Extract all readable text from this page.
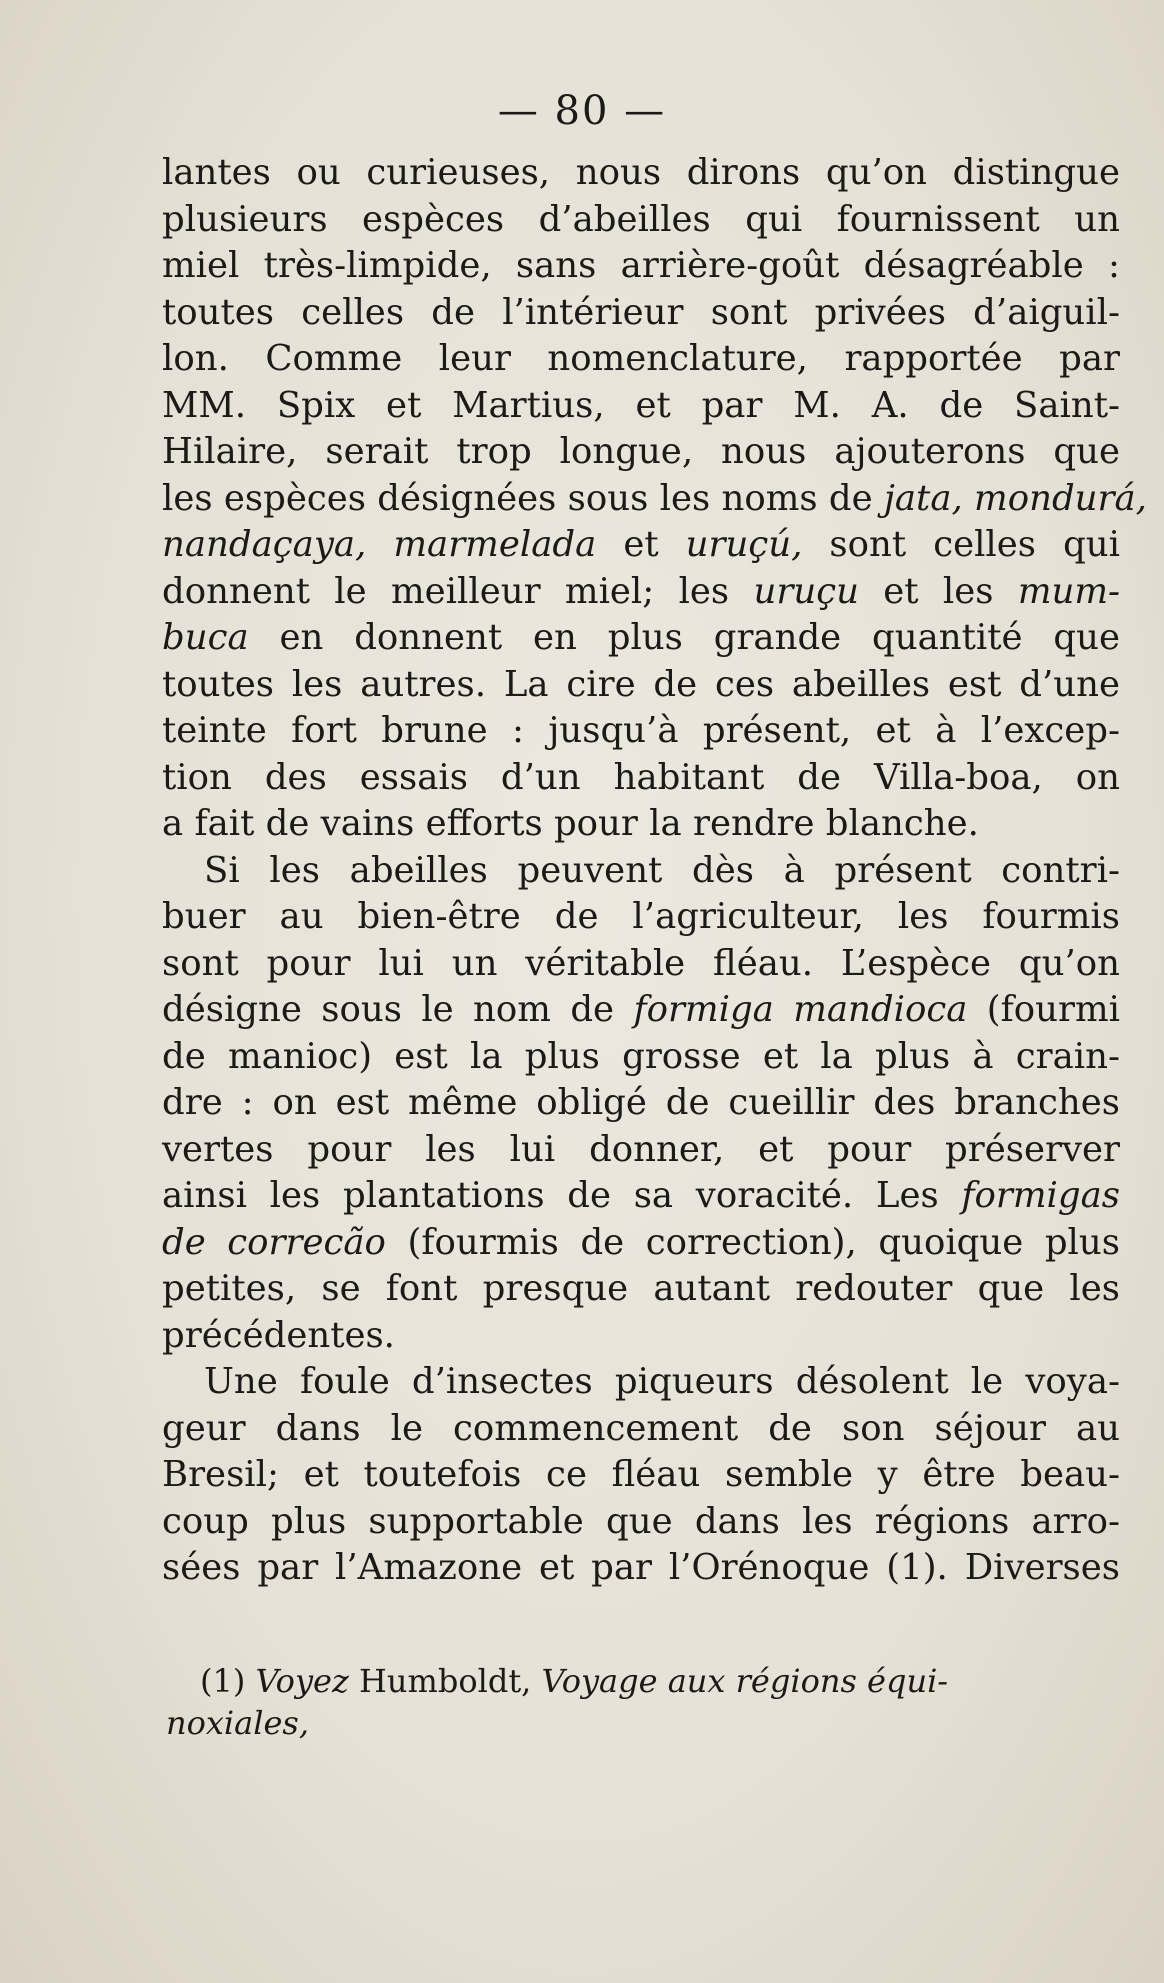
— 80 —
lantes ou curieuses, nous dirons qu’on distingue
plusieurs espèces d’abeilles qui fournissent un
miel très-limpide, sans arrière-goût désagréable :
toutes celles de l’intérieur sont privées d’aiguil-
lon. Comme leur nomenclature, rapportée par
MM. Spix et Martius, et par M. A. de Saint-
Hilaire, serait trop longue, nous ajouterons que
les espèces désignées sous les noms de jata, mondurá,
nandaçaya, marmelada et uruçú, sont celles qui
donnent le meilleur miel; les uruçu et les mum-
buca en donnent en plus grande quantité que
toutes les autres. La cire de ces abeilles est d’une
teinte fort brune : jusqu’à présent, et à l’excep-
tion des essais d’un habitant de Villa-boa, on
a fait de vains efforts pour la rendre blanche.
Si les abeilles peuvent dès à présent contri-
buer au bien-être de l’agriculteur, les fourmis
sont pour lui un véritable fléau. L’espèce qu’on
désigne sous le nom de formiga mandioca (fourmi
de manioc) est la plus grosse et la plus à crain-
dre : on est même obligé de cueillir des branches
vertes pour les lui donner, et pour préserver
ainsi les plantations de sa voracité. Les formigas
de correcão (fourmis de correction), quoique plus
petites, se font presque autant redouter que les
précédentes.
Une foule d’insectes piqueurs désolent le voya-
geur dans le commencement de son séjour au
Bresil; et toutefois ce fléau semble y être beau-
coup plus supportable que dans les régions arro-
sées par l’Amazone et par l’Orénoque (1). Diverses
(1) Voyez Humboldt, Voyage aux régions équi-
noxiales,
